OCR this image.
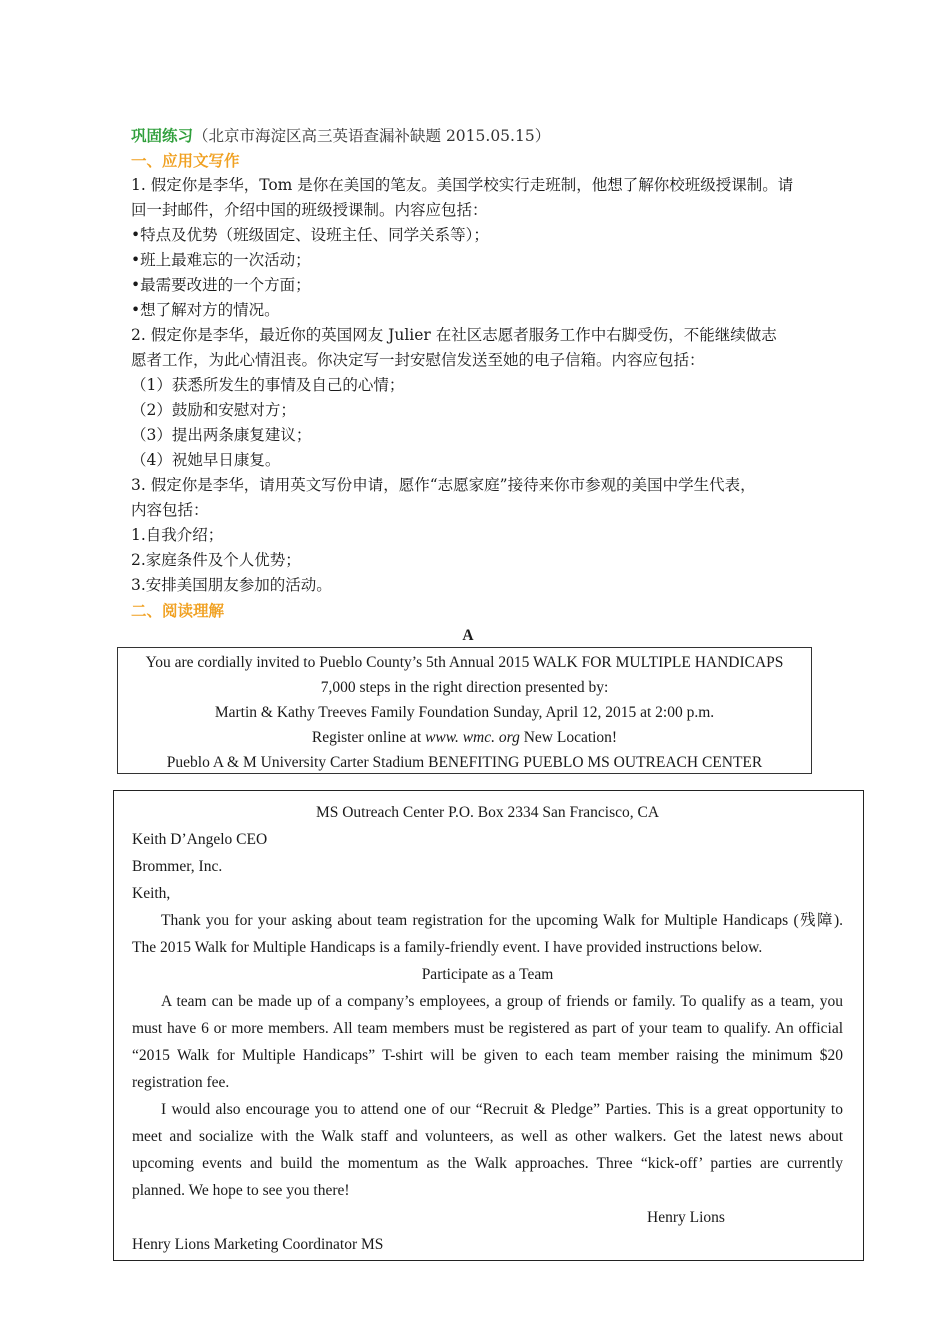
巩固练习（北京市海淀区高三英语查漏补缺题 2015.05.15）
一、应用文写作
1. 假定你是李华，Tom 是你在美国的笔友。美国学校实行走班制，他想了解你校班级授课制。请
回一封邮件，介绍中国的班级授课制。内容应包括：
•特点及优势（班级固定、设班主任、同学关系等）；
•班上最难忘的一次活动；
•最需要改进的一个方面；
•想了解对方的情况。
2. 假定你是李华，最近你的英国网友 Julier 在社区志愿者服务工作中右脚受伤，不能继续做志
愿者工作，为此心情沮丧。你决定写一封安慰信发送至她的电子信箱。内容应包括：
（1）获悉所发生的事情及自己的心情；
（2）鼓励和安慰对方；
（3）提出两条康复建议；
（4）祝她早日康复。
3. 假定你是李华，请用英文写份申请，愿作“志愿家庭”接待来你市参观的美国中学生代表，
内容包括：
1.自我介绍；
2.家庭条件及个人优势；
3.安排美国朋友参加的活动。
二、阅读理解
A
You are cordially invited to Pueblo County’s 5th Annual 2015 WALK FOR MULTIPLE HANDICAPS
7,000 steps in the right direction presented by:
Martin & Kathy Treeves Family Foundation Sunday, April 12, 2015 at 2:00 p.m.
Register online at www. wmc. org New Location!
Pueblo A & M University Carter Stadium BENEFITING PUEBLO MS OUTREACH CENTER
MS Outreach Center P.O. Box 2334 San Francisco, CA
Keith D’Angelo CEO
Brommer, Inc.
Keith,
Thank you for your asking about team registration for the upcoming Walk for Multiple Handicaps (残障).
The 2015 Walk for Multiple Handicaps is a family-friendly event. I have provided instructions below.
Participate as a Team
A team can be made up of a company’s employees, a group of friends or family. To qualify as a team, you
must have 6 or more members. All team members must be registered as part of your team to qualify. An official
“2015 Walk for Multiple Handicaps” T-shirt will be given to each team member raising the minimum $20
registration fee.
I would also encourage you to attend one of our “Recruit & Pledge” Parties. This is a great opportunity to
meet and socialize with the Walk staff and volunteers, as well as other walkers. Get the latest news about
upcoming events and build the momentum as the Walk approaches. Three “kick-off’ parties are currently
planned. We hope to see you there!
Henry Lions
Henry Lions Marketing Coordinator MS
